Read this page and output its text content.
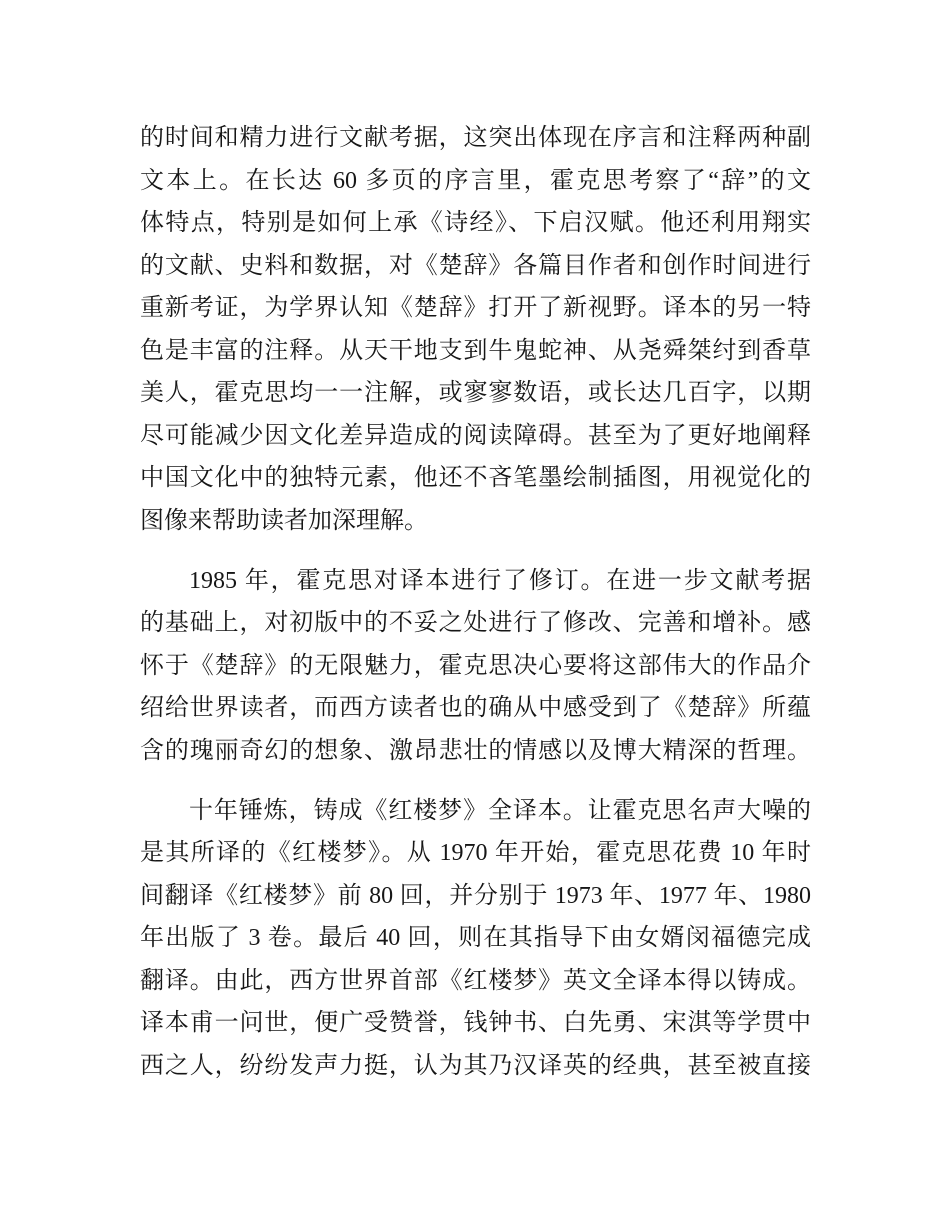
的时间和精力进行文献考据，这突出体现在序言和注释两种副
文本上。在长达 60 多页的序言里，霍克思考察了“辞”的文
体特点，特别是如何上承《诗经》、下启汉赋。他还利用翔实
的文献、史料和数据，对《楚辞》各篇目作者和创作时间进行
重新考证，为学界认知《楚辞》打开了新视野。译本的另一特
色是丰富的注释。从天干地支到牛鬼蛇神、从尧舜桀纣到香草
美人，霍克思均一一注解，或寥寥数语，或长达几百字，以期
尽可能减少因文化差异造成的阅读障碍。甚至为了更好地阐释
中国文化中的独特元素，他还不吝笔墨绘制插图，用视觉化的
图像来帮助读者加深理解。
1985 年，霍克思对译本进行了修订。在进一步文献考据
的基础上，对初版中的不妥之处进行了修改、完善和增补。感
怀于《楚辞》的无限魅力，霍克思决心要将这部伟大的作品介
绍给世界读者，而西方读者也的确从中感受到了《楚辞》所蕴
含的瑰丽奇幻的想象、激昂悲壮的情感以及博大精深的哲理。
十年锤炼，铸成《红楼梦》全译本。让霍克思名声大噪的
是其所译的《红楼梦》。从 1970 年开始，霍克思花费 10 年时
间翻译《红楼梦》前 80 回，并分别于 1973 年、1977 年、1980
年出版了 3 卷。最后 40 回，则在其指导下由女婿闵福德完成
翻译。由此，西方世界首部《红楼梦》英文全译本得以铸成。
译本甫一问世，便广受赞誉，钱钟书、白先勇、宋淇等学贯中
西之人，纷纷发声力挺，认为其乃汉译英的经典，甚至被直接
